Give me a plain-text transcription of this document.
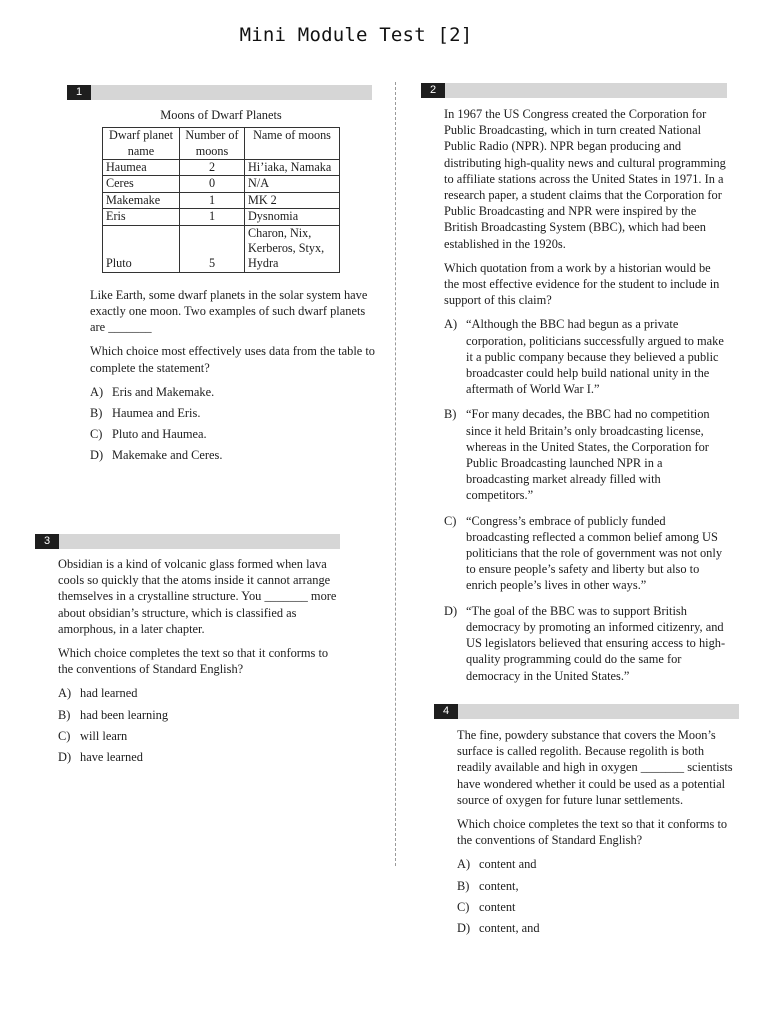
Mini Module Test [2]
1
Moons of Dwarf Planets
Dwarf planet name	Number of moons	Name of moons
Haumea	2	Hi’iaka, Namaka
Ceres	0	N/A
Makemake	1	MK 2
Eris	1	Dysnomia
Pluto	5	Charon, Nix, Kerberos, Styx, Hydra

Like Earth, some dwarf planets in the solar system have exactly one moon. Two examples of such dwarf planets are _______

Which choice most effectively uses data from the table to complete the statement?

A) Eris and Makemake.
B) Haumea and Eris.
C) Pluto and Haumea.
D) Makemake and Ceres.
3

Obsidian is a kind of volcanic glass formed when lava cools so quickly that the atoms inside it cannot arrange themselves in a crystalline structure. You _______ more about obsidian’s structure, which is classified as amorphous, in a later chapter.

Which choice completes the text so that it conforms to the conventions of Standard English?

A) had learned
B) had been learning
C) will learn
D) have learned
2

In 1967 the US Congress created the Corporation for Public Broadcasting, which in turn created National Public Radio (NPR). NPR began producing and distributing high-quality news and cultural programming to affiliate stations across the United States in 1971. In a research paper, a student claims that the Corporation for Public Broadcasting and NPR were inspired by the British Broadcasting System (BBC), which had been established in the 1920s.

Which quotation from a work by a historian would be the most effective evidence for the student to include in support of this claim?

A) “Although the BBC had begun as a private corporation, politicians successfully argued to make it a public company because they believed a public broadcaster could help build national unity in the aftermath of World War I.”
B) “For many decades, the BBC had no competition since it held Britain’s only broadcasting license, whereas in the United States, the Corporation for Public Broadcasting launched NPR in a broadcasting market already filled with competitors.”
C) “Congress’s embrace of publicly funded broadcasting reflected a common belief among US politicians that the role of government was not only to ensure people’s safety and liberty but also to enrich people’s lives in other ways.”
D) “The goal of the BBC was to support British democracy by promoting an informed citizenry, and US legislators believed that ensuring access to high-quality programming could do the same for democracy in the United States.”
4

The fine, powdery substance that covers the Moon’s surface is called regolith. Because regolith is both readily available and high in oxygen _______ scientists have wondered whether it could be used as a potential source of oxygen for future lunar settlements.

Which choice completes the text so that it conforms to the conventions of Standard English?

A) content and
B) content,
C) content
D) content, and
